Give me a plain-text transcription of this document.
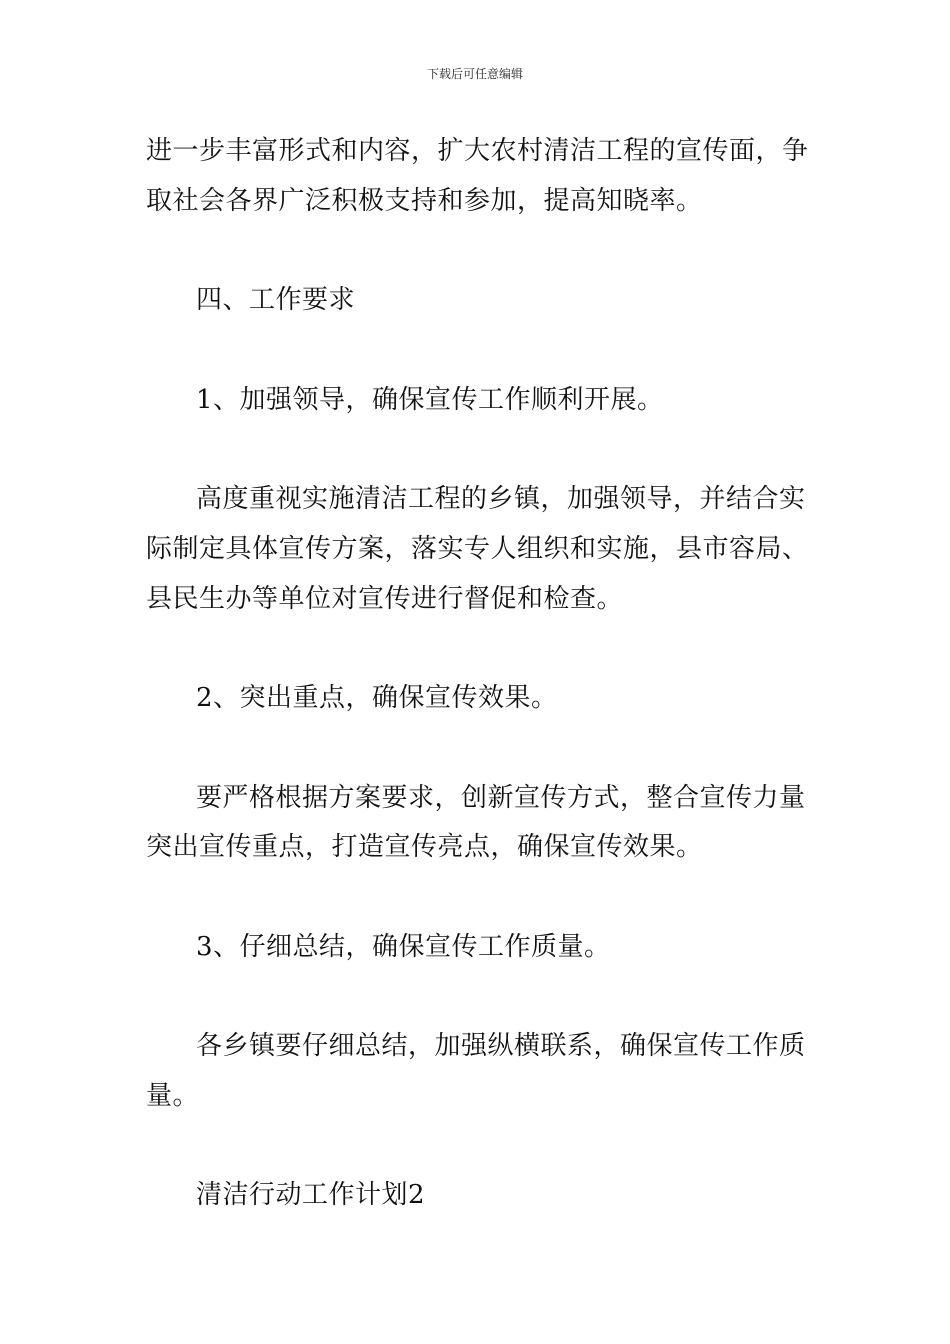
下载后可任意编辑
进一步丰富形式和内容，扩大农村清洁工程的宣传面，争
取社会各界广泛积极支持和参加，提高知晓率。
四、工作要求
1、加强领导，确保宣传工作顺利开展。
高度重视实施清洁工程的乡镇，加强领导，并结合实
际制定具体宣传方案，落实专人组织和实施，县市容局、
县民生办等单位对宣传进行督促和检查。
2、突出重点，确保宣传效果。
要严格根据方案要求，创新宣传方式，整合宣传力量
突出宣传重点，打造宣传亮点，确保宣传效果。
3、仔细总结，确保宣传工作质量。
各乡镇要仔细总结，加强纵横联系，确保宣传工作质
量。
清洁行动工作计划2
